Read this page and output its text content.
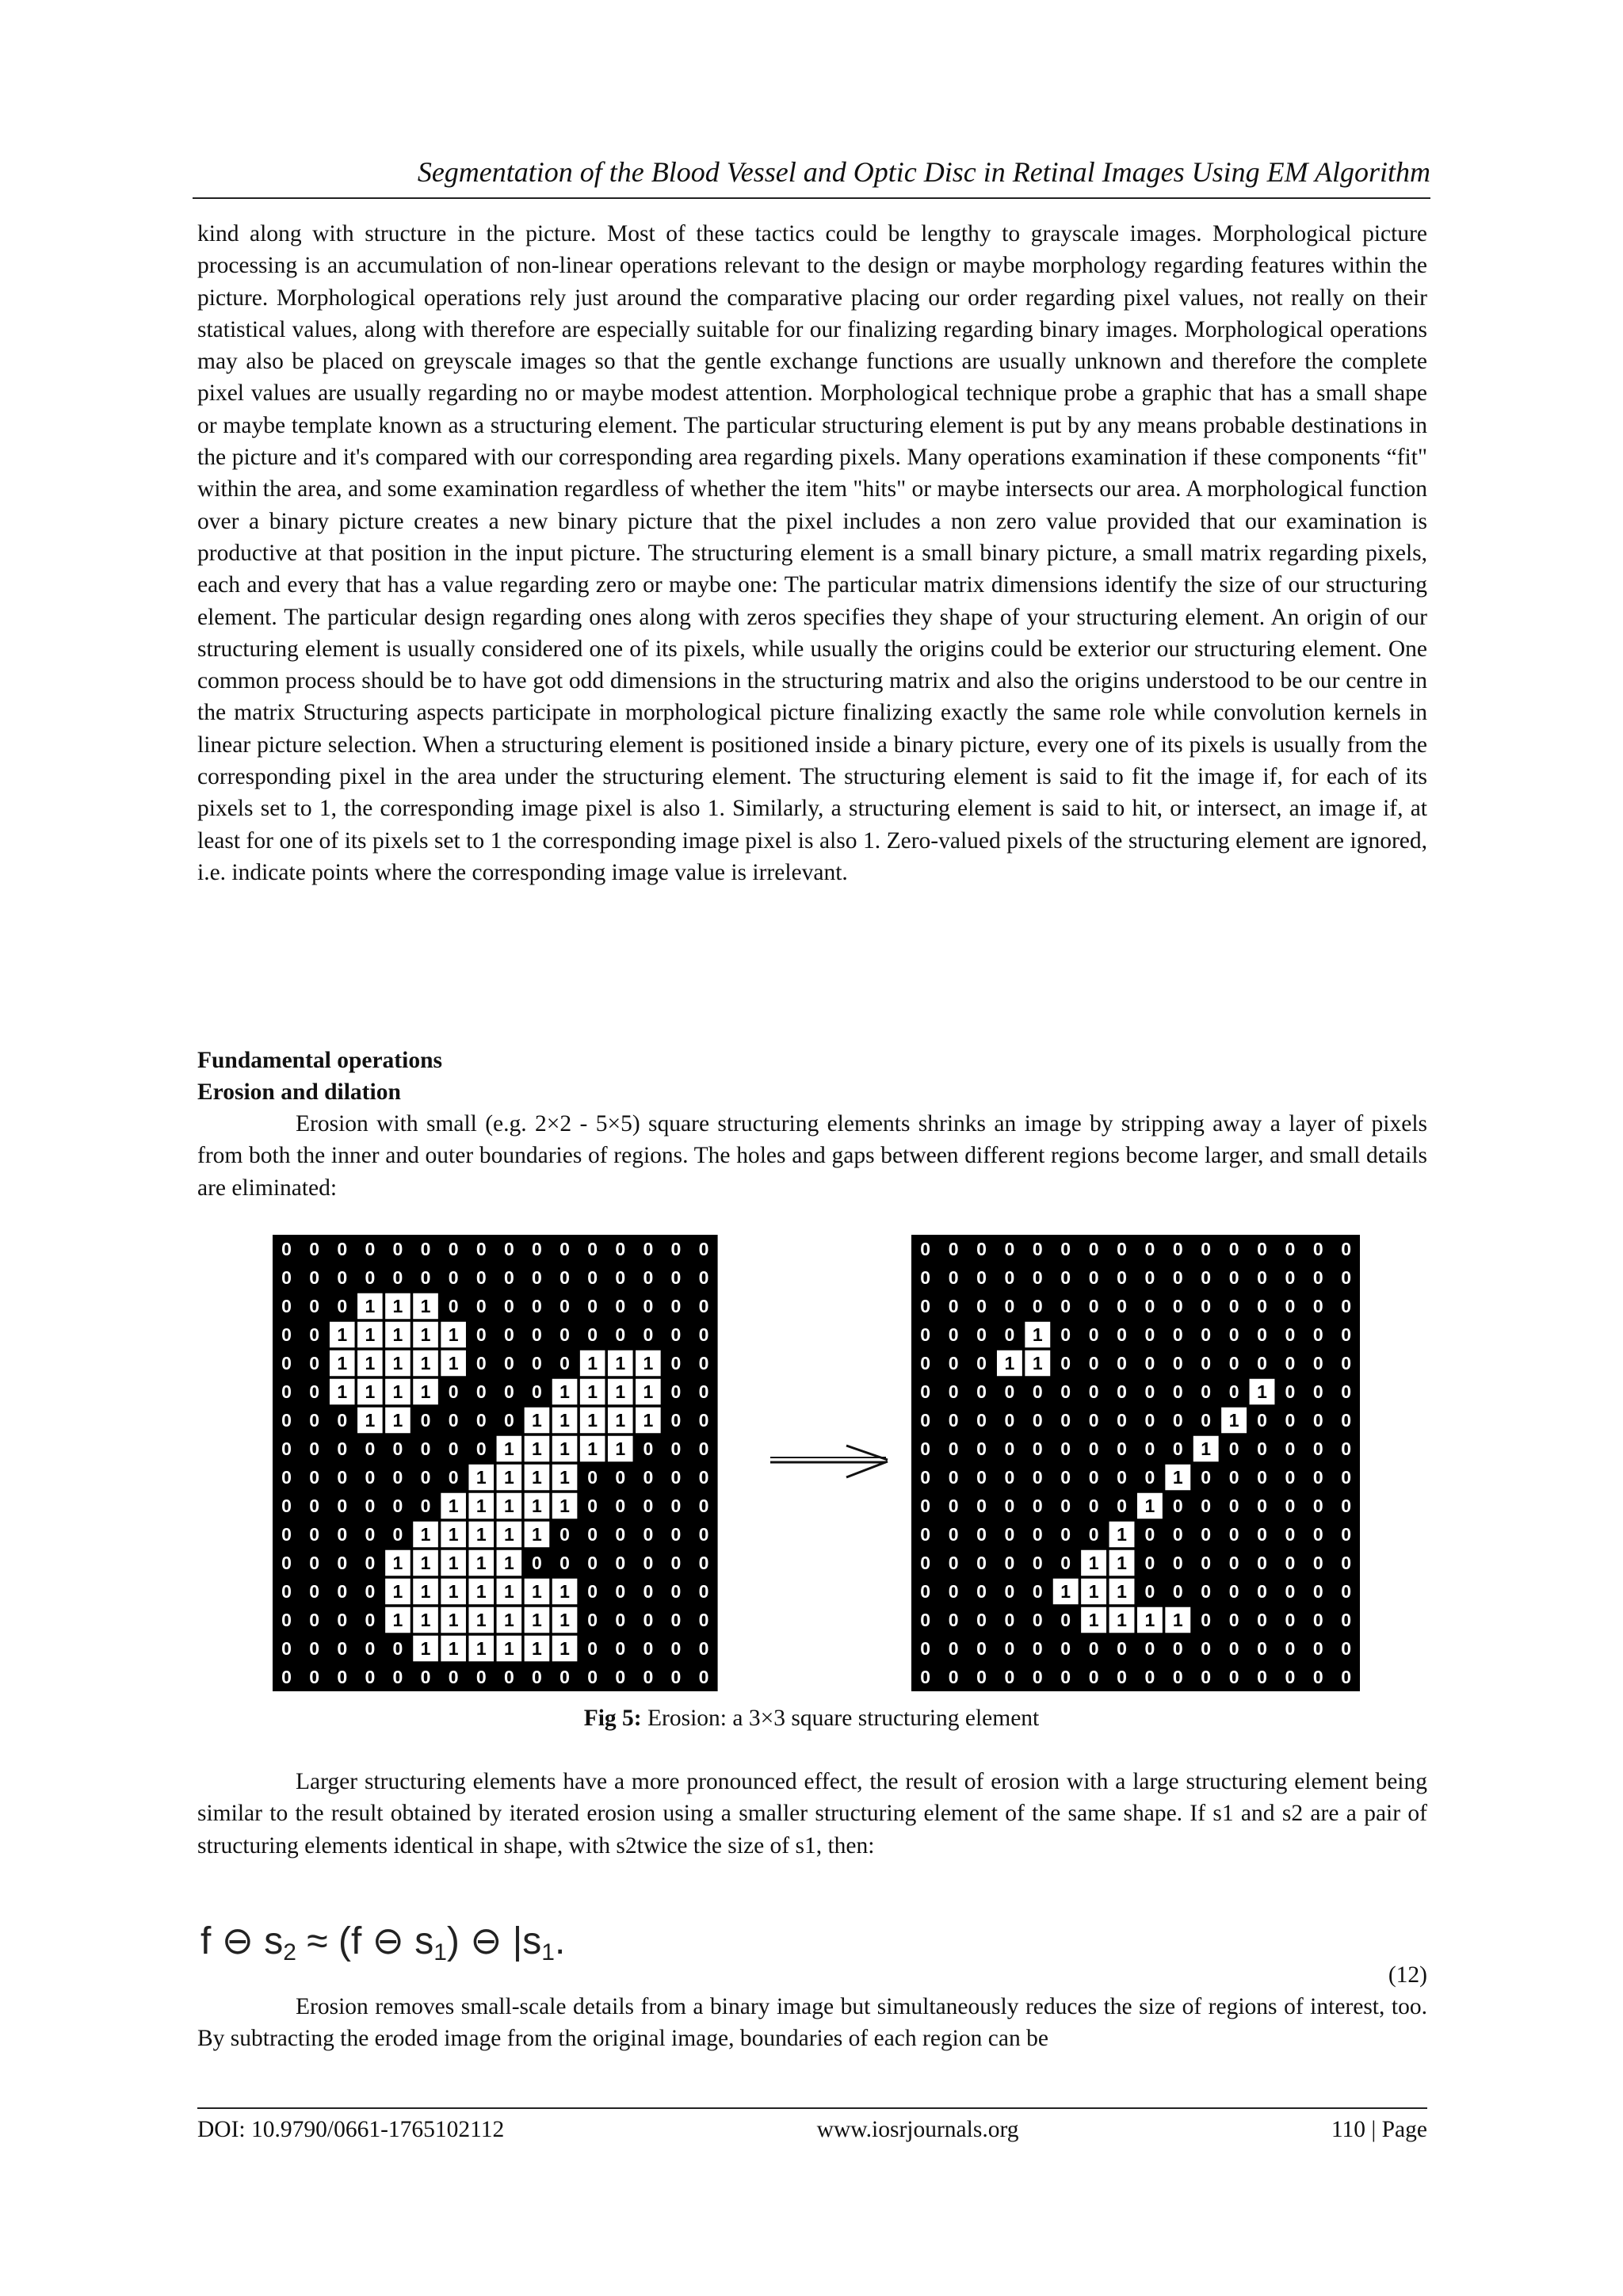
Segmentation of the Blood Vessel and Optic Disc in Retinal Images Using EM Algorithm

kind along with structure in the picture. Most of these tactics could be lengthy to grayscale images. Morphological picture processing is an accumulation of non-linear operations relevant to the design or maybe morphology regarding features within the picture. Morphological operations rely just around the comparative placing our order regarding pixel values, not really on their statistical values, along with therefore are especially suitable for our finalizing regarding binary images. Morphological operations may also be placed on greyscale images so that the gentle exchange functions are usually unknown and therefore the complete pixel values are usually regarding no or maybe modest attention. Morphological technique probe a graphic that has a small shape or maybe template known as a structuring element. The particular structuring element is put by any means probable destinations in the picture and it's compared with our corresponding area regarding pixels. Many operations examination if these components “fit" within the area, and some examination regardless of whether the item "hits" or maybe intersects our area. A morphological function over a binary picture creates a new binary picture that the pixel includes a non zero value provided that our examination is productive at that position in the input picture. The structuring element is a small binary picture, a small matrix regarding pixels, each and every that has a value regarding zero or maybe one: The particular matrix dimensions identify the size of our structuring element. The particular design regarding ones along with zeros specifies they shape of your structuring element. An origin of our structuring element is usually considered one of its pixels, while usually the origins could be exterior our structuring element. One common process should be to have got odd dimensions in the structuring matrix and also the origins understood to be our centre in the matrix Structuring aspects participate in morphological picture finalizing exactly the same role while convolution kernels in linear picture selection. When a structuring element is positioned inside a binary picture, every one of its pixels is usually from the corresponding pixel in the area under the structuring element. The structuring element is said to fit the image if, for each of its pixels set to 1, the corresponding image pixel is also 1. Similarly, a structuring element is said to hit, or intersect, an image if, at least for one of its pixels set to 1 the corresponding image pixel is also 1. Zero-valued pixels of the structuring element are ignored, i.e. indicate points where the corresponding image value is irrelevant.

Fundamental operations

Erosion and dilation

Erosion with small (e.g. 2×2 - 5×5) square structuring elements shrinks an image by stripping away a layer of pixels from both the inner and outer boundaries of regions. The holes and gaps between different regions become larger, and small details are eliminated:

0 0 0 0 0 0 0 0 0 0 0 0 0 0 0 0
0 0 0 0 0 0 0 0 0 0 0 0 0 0 0 0
0 0 0 1 1 1 0 0 0 0 0 0 0 0 0 0
0 0 1 1 1 1 1 0 0 0 0 0 0 0 0 0
0 0 1 1 1 1 1 0 0 0 0 1 1 1 0 0
0 0 1 1 1 1 0 0 0 0 1 1 1 1 0 0
0 0 0 1 1 0 0 0 0 1 1 1 1 1 0 0
0 0 0 0 0 0 0 0 1 1 1 1 1 0 0 0
0 0 0 0 0 0 0 1 1 1 1 0 0 0 0 0
0 0 0 0 0 0 1 1 1 1 1 0 0 0 0 0
0 0 0 0 0 1 1 1 1 1 0 0 0 0 0 0
0 0 0 0 1 1 1 1 1 0 0 0 0 0 0 0
0 0 0 0 1 1 1 1 1 1 1 0 0 0 0 0
0 0 0 0 1 1 1 1 1 1 1 0 0 0 0 0
0 0 0 0 0 1 1 1 1 1 1 0 0 0 0 0
0 0 0 0 0 0 0 0 0 0 0 0 0 0 0 0
0 0 0 0 0 0 0 0 0 0 0 0 0 0 0 0
0 0 0 0 0 0 0 0 0 0 0 0 0 0 0 0
0 0 0 0 0 0 0 0 0 0 0 0 0 0 0 0
0 0 0 0 1 0 0 0 0 0 0 0 0 0 0 0
0 0 0 1 1 0 0 0 0 0 0 0 0 0 0 0
0 0 0 0 0 0 0 0 0 0 0 0 1 0 0 0
0 0 0 0 0 0 0 0 0 0 0 1 0 0 0 0
0 0 0 0 0 0 0 0 0 0 1 0 0 0 0 0
0 0 0 0 0 0 0 0 0 1 0 0 0 0 0 0
0 0 0 0 0 0 0 0 1 0 0 0 0 0 0 0
0 0 0 0 0 0 0 1 0 0 0 0 0 0 0 0
0 0 0 0 0 0 1 1 0 0 0 0 0 0 0 0
0 0 0 0 0 1 1 1 0 0 0 0 0 0 0 0
0 0 0 0 0 0 1 1 1 1 0 0 0 0 0 0
0 0 0 0 0 0 0 0 0 0 0 0 0 0 0 0
0 0 0 0 0 0 0 0 0 0 0 0 0 0 0 0
Fig 5: Erosion: a 3×3 square structuring element

Larger structuring elements have a more pronounced effect, the result of erosion with a large structuring element being similar to the result obtained by iterated erosion using a smaller structuring element of the same shape. If s1 and s2 are a pair of structuring elements identical in shape, with s2twice the size of s1, then:

f ⊖ $s_2 \approx (f$ ⊖ $s_1$) ⊖ $|s_1$.
(12)

Erosion removes small-scale details from a binary image but simultaneously reduces the size of regions of interest, too. By subtracting the eroded image from the original image, boundaries of each region can be

DOI: 10.9790/0661-1765102112	www.iosrjournals.org	110 | Page
